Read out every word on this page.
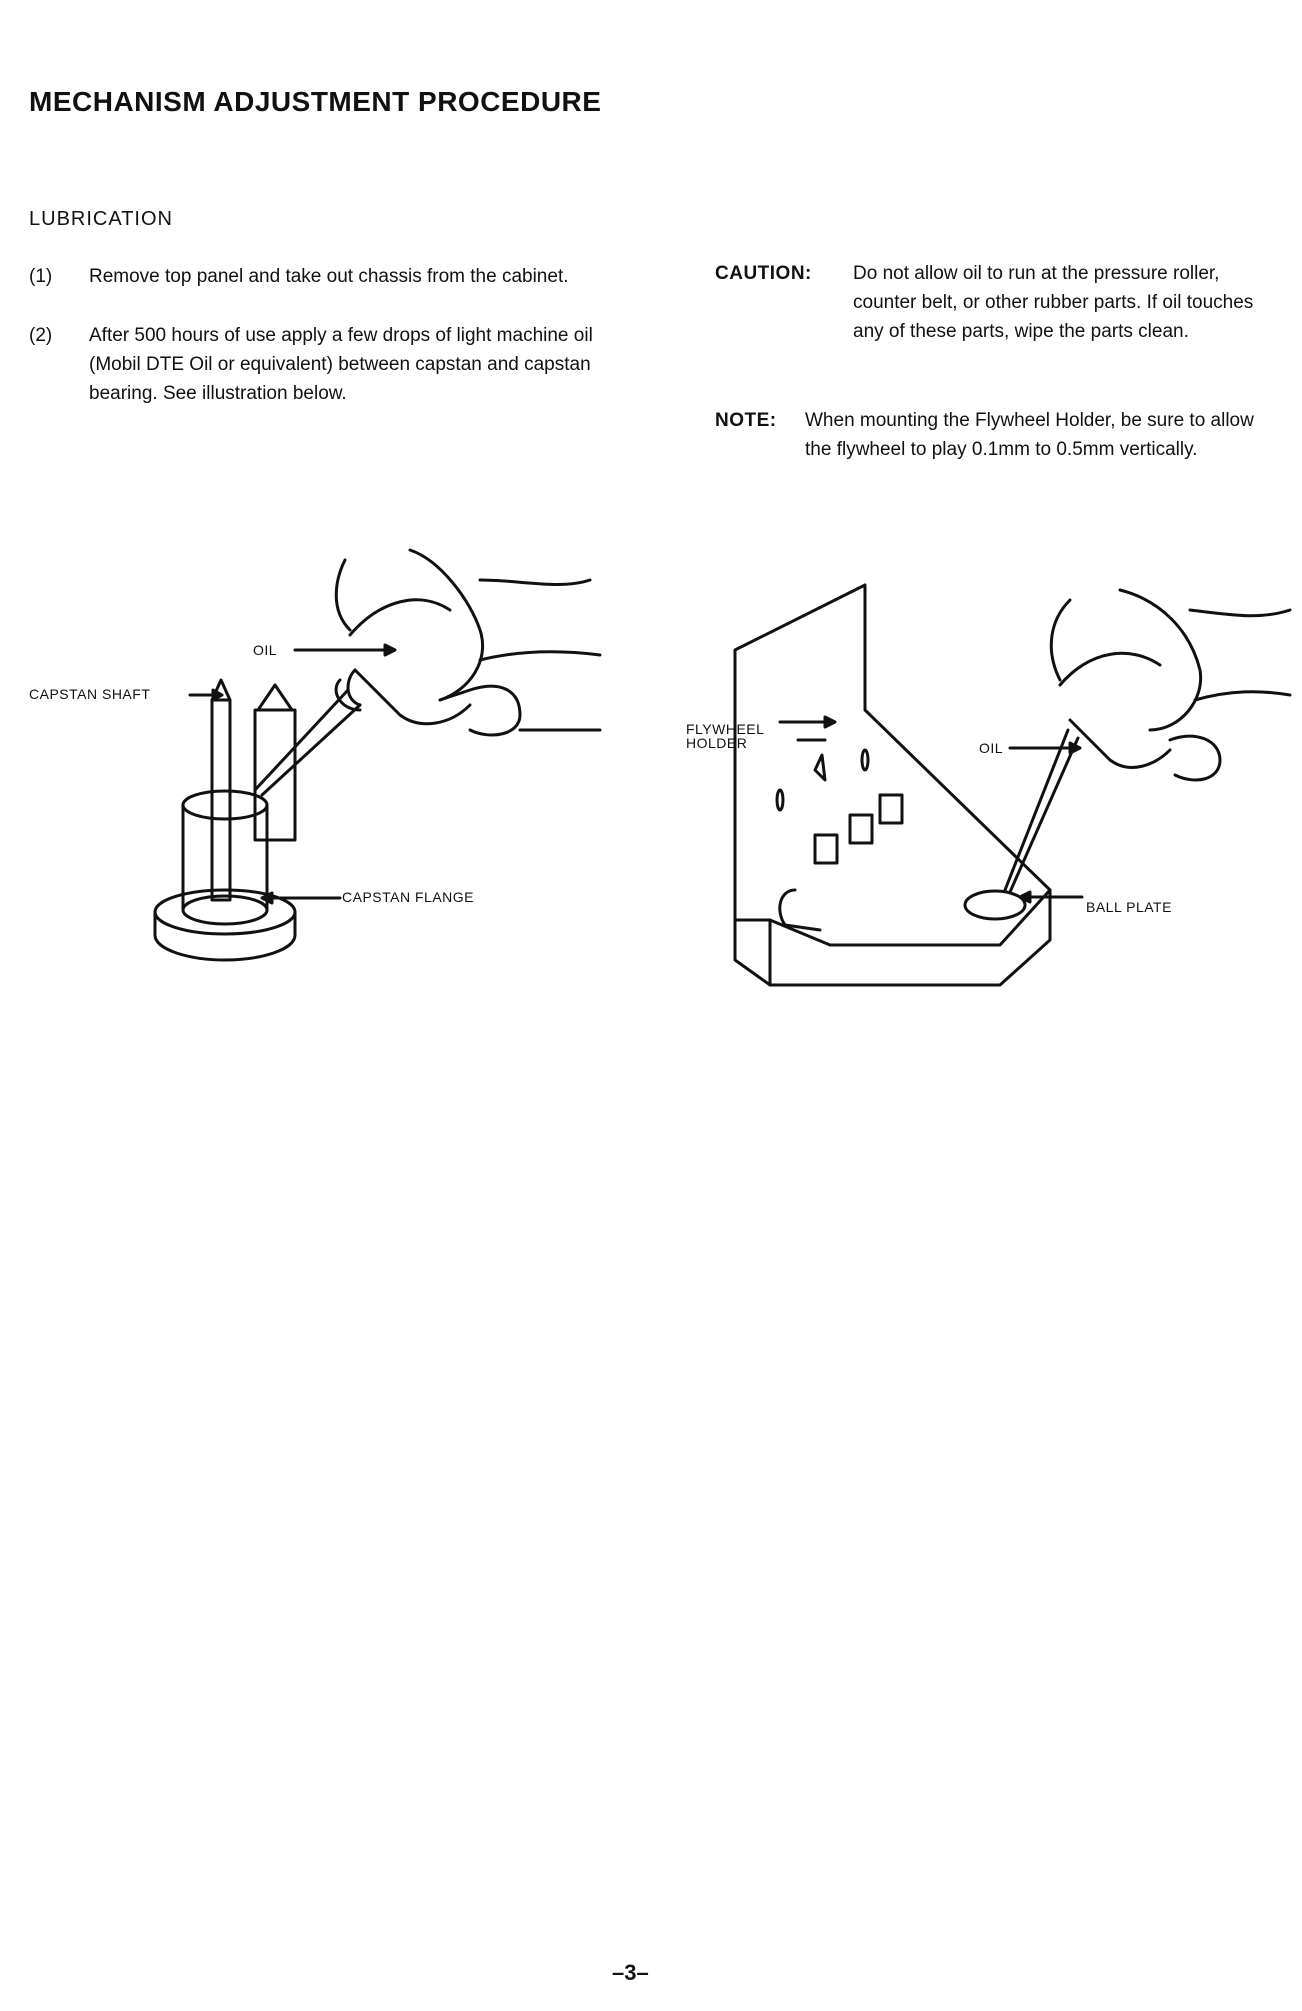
MECHANISM ADJUSTMENT PROCEDURE
LUBRICATION
(1) Remove top panel and take out chassis from the cabinet.
(2) After 500 hours of use apply a few drops of light machine oil (Mobil DTE Oil or equivalent) between capstan and capstan bearing. See illustration below.
CAUTION: Do not allow oil to run at the pressure roller, counter belt, or other rubber parts. If oil touches any of these parts, wipe the parts clean.
NOTE: When mounting the Flywheel Holder, be sure to allow the flywheel to play 0.1mm to 0.5mm vertically.
OIL
CAPSTAN SHAFT
CAPSTAN FLANGE
FLYWHEEL
HOLDER	OIL
BALL PLATE
–3–
